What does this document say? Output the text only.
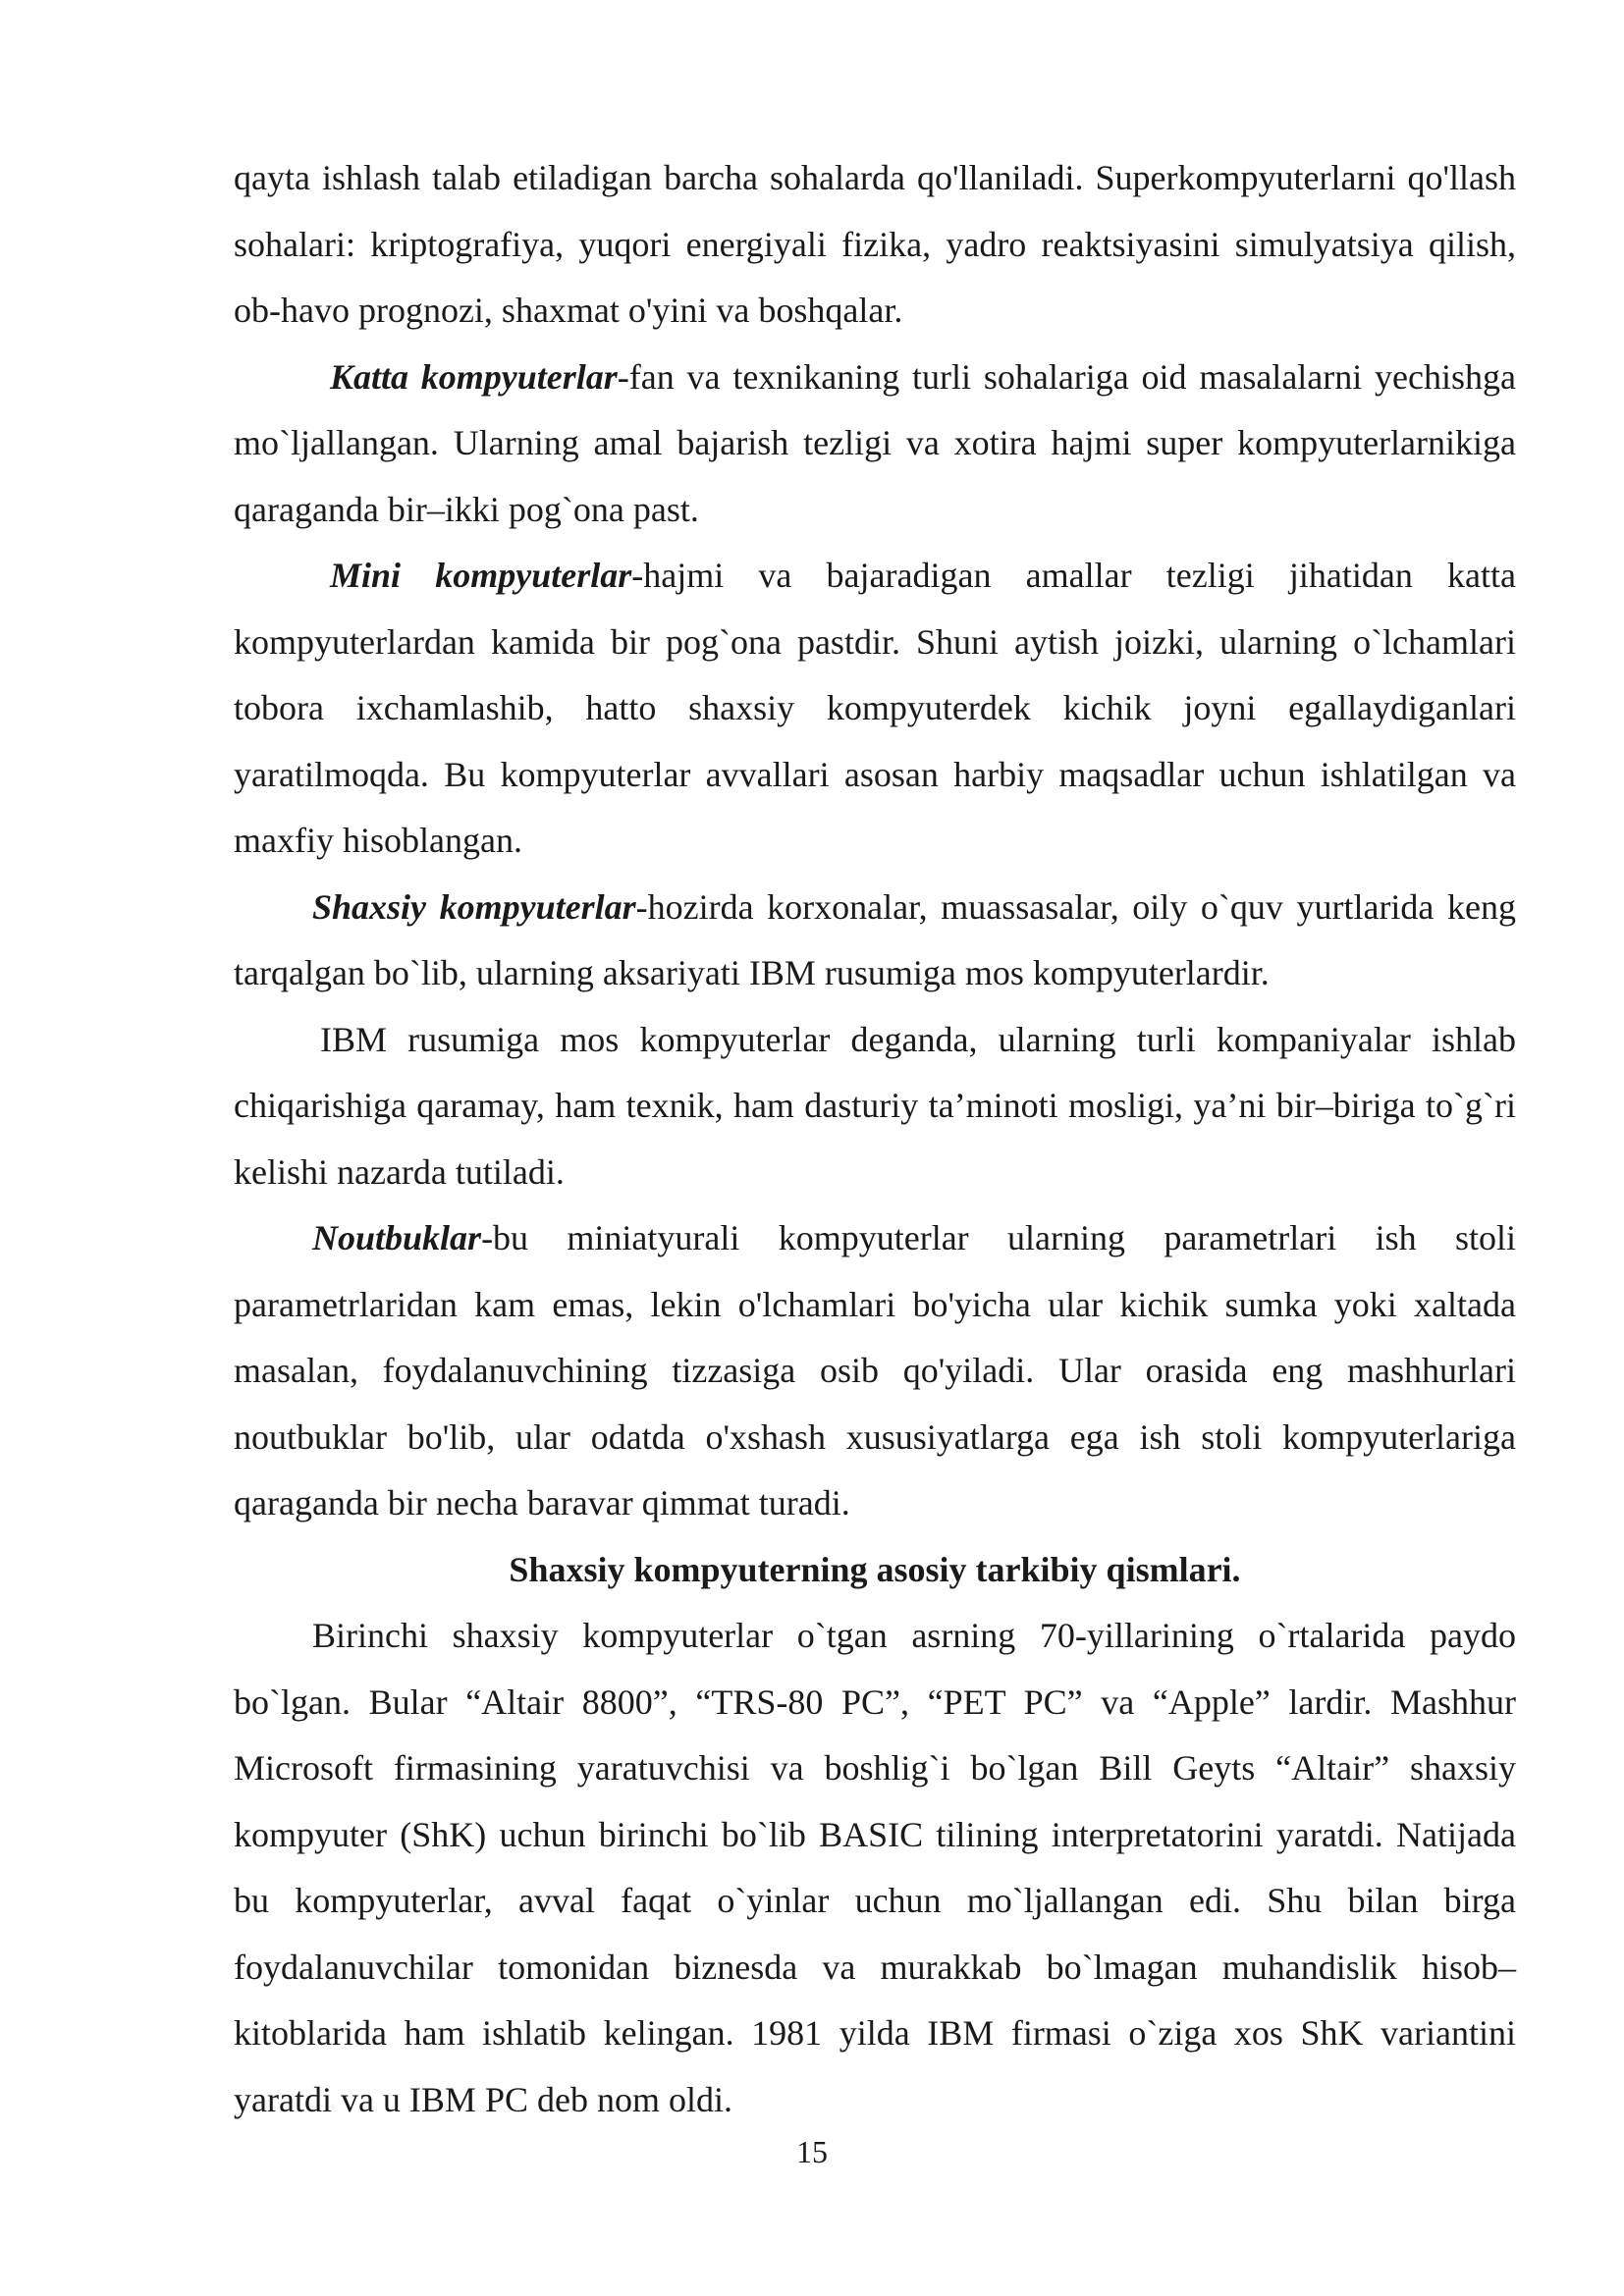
qayta ishlash talab etiladigan barcha sohalarda qo'llaniladi. Superkompyuterlarni qo'llash sohalari: kriptografiya, yuqori energiyali fizika, yadro reaktsiyasini simulyatsiya qilish, ob-havo prognozi, shaxmat o'yini va boshqalar.

Katta kompyuterlar-fan va texnikaning turli sohalariga oid masalalarni yechishga mo`ljallangan. Ularning amal bajarish tezligi va xotira hajmi super kompyuterlarnikiga qaraganda bir–ikki pog`ona past.

Mini kompyuterlar-hajmi va bajaradigan amallar tezligi jihatidan katta kompyuterlardan kamida bir pog`ona pastdir. Shuni aytish joizki, ularning o`lchamlari tobora ixchamlashib, hatto shaxsiy kompyuterdek kichik joyni egallaydiganlari yaratilmoqda. Bu kompyuterlar avvallari asosan harbiy maqsadlar uchun ishlatilgan va maxfiy hisoblangan.

Shaxsiy kompyuterlar-hozirda korxonalar, muassasalar, oily o`quv yurtlarida keng tarqalgan bo`lib, ularning aksariyati IBM rusumiga mos kompyuterlardir.

IBM rusumiga mos kompyuterlar deganda, ularning turli kompaniyalar ishlab chiqarishiga qaramay, ham texnik, ham dasturiy ta’minoti mosligi, ya’ni bir–biriga to`g`ri kelishi nazarda tutiladi.

Noutbuklar-bu miniatyurali kompyuterlar ularning parametrlari ish stoli parametrlaridan kam emas, lekin o'lchamlari bo'yicha ular kichik sumka yoki xaltada masalan, foydalanuvchining tizzasiga osib qo'yiladi. Ular orasida eng mashhurlari noutbuklar bo'lib, ular odatda o'xshash xususiyatlarga ega ish stoli kompyuterlariga qaraganda bir necha baravar qimmat turadi.

Shaxsiy kompyuterning asosiy tarkibiy qismlari.

Birinchi shaxsiy kompyuterlar o`tgan asrning 70-yillarining o`rtalarida paydo bo`lgan. Bular “Altair 8800”, “TRS-80 PC”, “PET PC” va “Apple” lardir. Mashhur Microsoft firmasining yaratuvchisi va boshlig`i bo`lgan Bill Geyts “Altair” shaxsiy kompyuter (ShK) uchun birinchi bo`lib BASIC tilining interpretatorini yaratdi. Natijada bu kompyuterlar, avval faqat o`yinlar uchun mo`ljallangan edi. Shu bilan birga foydalanuvchilar tomonidan biznesda va murakkab bo`lmagan muhandislik hisob–kitoblarida ham ishlatib kelingan. 1981 yilda IBM firmasi o`ziga xos ShK variantini yaratdi va u IBM PC deb nom oldi.

15
